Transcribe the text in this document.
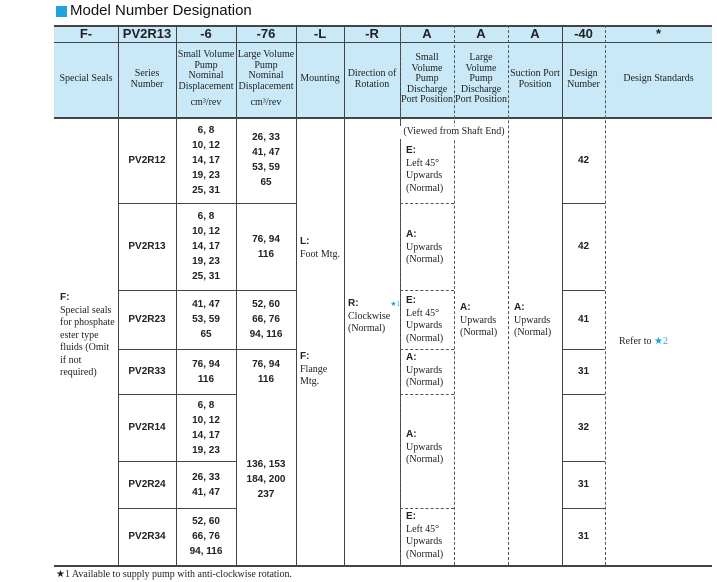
Model Number Designation
F-
Special Seals
PV2R13
Series Number
-6
Small Volume Pump Nominal Displacement
cm³/rev
-76
Large Volume Pump Nominal Displacement
cm³/rev
-L
Mounting
-R
Direction of Rotation
A
Small Volume Pump Discharge Port Position
A
Large Volume Pump Discharge Port Position
A
Suction Port Position
-40
Design Number
*
Design Standards
PV2R12
6, 8
10, 12
14, 17
19, 23
25, 31
26, 33
41, 47
53, 59
65
42
PV2R13
6, 8
10, 12
14, 17
19, 23
25, 31
76, 94
116
42
PV2R23
41, 47
53, 59
65
52, 60
66, 76
94, 116
41
PV2R33
76, 94
116
76, 94
116
31
PV2R14
6, 8
10, 12
14, 17
19, 23
32
PV2R24
26, 33
41, 47
31
PV2R34
52, 60
66, 76
94, 116
31
136, 153
184, 200
237
F:
Special seals for phosphate ester type fluids (Omit if not required)
L:
Foot Mtg.
F:
Flange Mtg.
R:	★1

Clockwise (Normal)
(Viewed from Shaft End)
E:
Left 45° Upwards (Normal)
A:
Upwards (Normal)
E:
Left 45° Upwards (Normal)
A:
Upwards (Normal)
A:
Upwards (Normal)
E:
Left 45° Upwards (Normal)
A:
Upwards (Normal)
A:
Upwards (Normal)
Refer to ★2
★1 Available to supply pump with anti-clockwise rotation.
